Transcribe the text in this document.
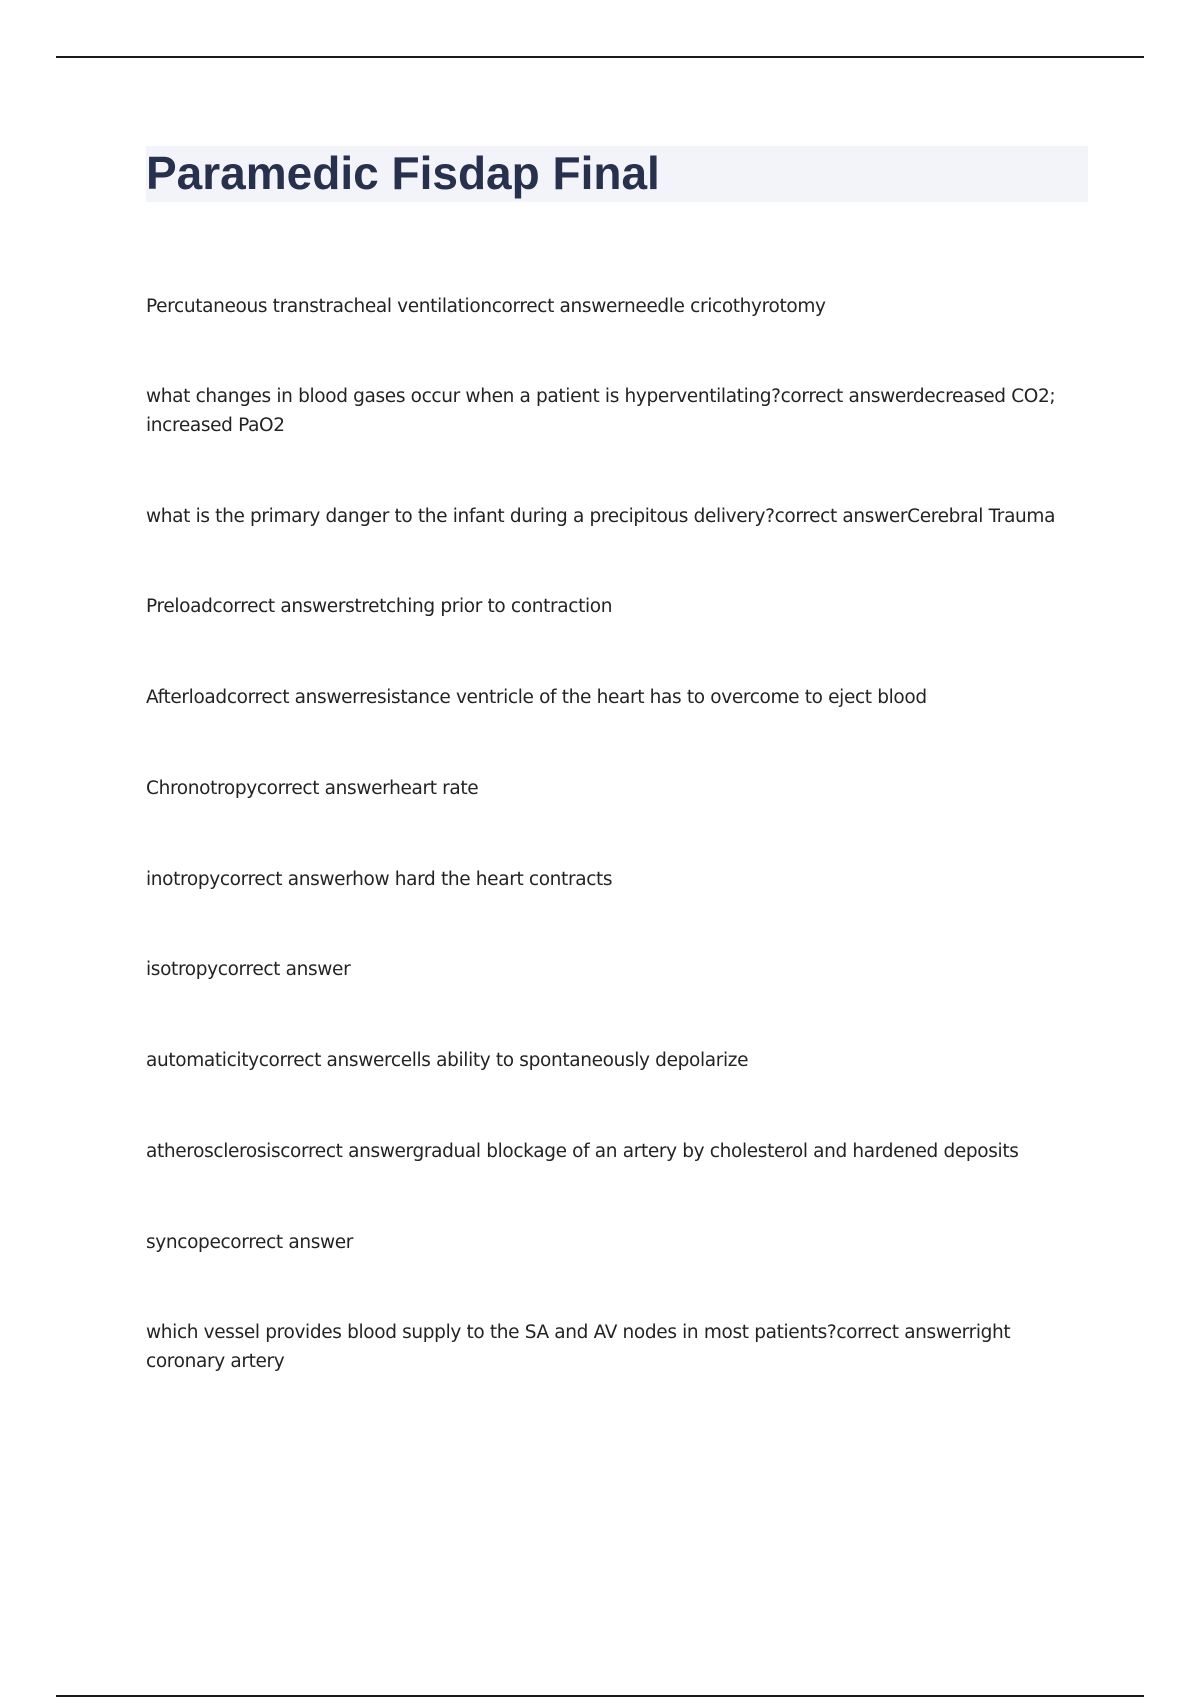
Paramedic Fisdap Final
Percutaneous transtracheal ventilationcorrect answerneedle cricothyrotomy
what changes in blood gases occur when a patient is hyperventilating?correct answerdecreased CO2; increased PaO2
what is the primary danger to the infant during a precipitous delivery?correct answerCerebral Trauma
Preloadcorrect answerstretching prior to contraction
Afterloadcorrect answerresistance ventricle of the heart has to overcome to eject blood
Chronotropycorrect answerheart rate
inotropycorrect answerhow hard the heart contracts
isotropycorrect answer
automaticitycorrect answercells ability to spontaneously depolarize
atherosclerosiscorrect answergradual blockage of an artery by cholesterol and hardened deposits
syncopecorrect answer
which vessel provides blood supply to the SA and AV nodes in most patients?correct answerright coronary artery
